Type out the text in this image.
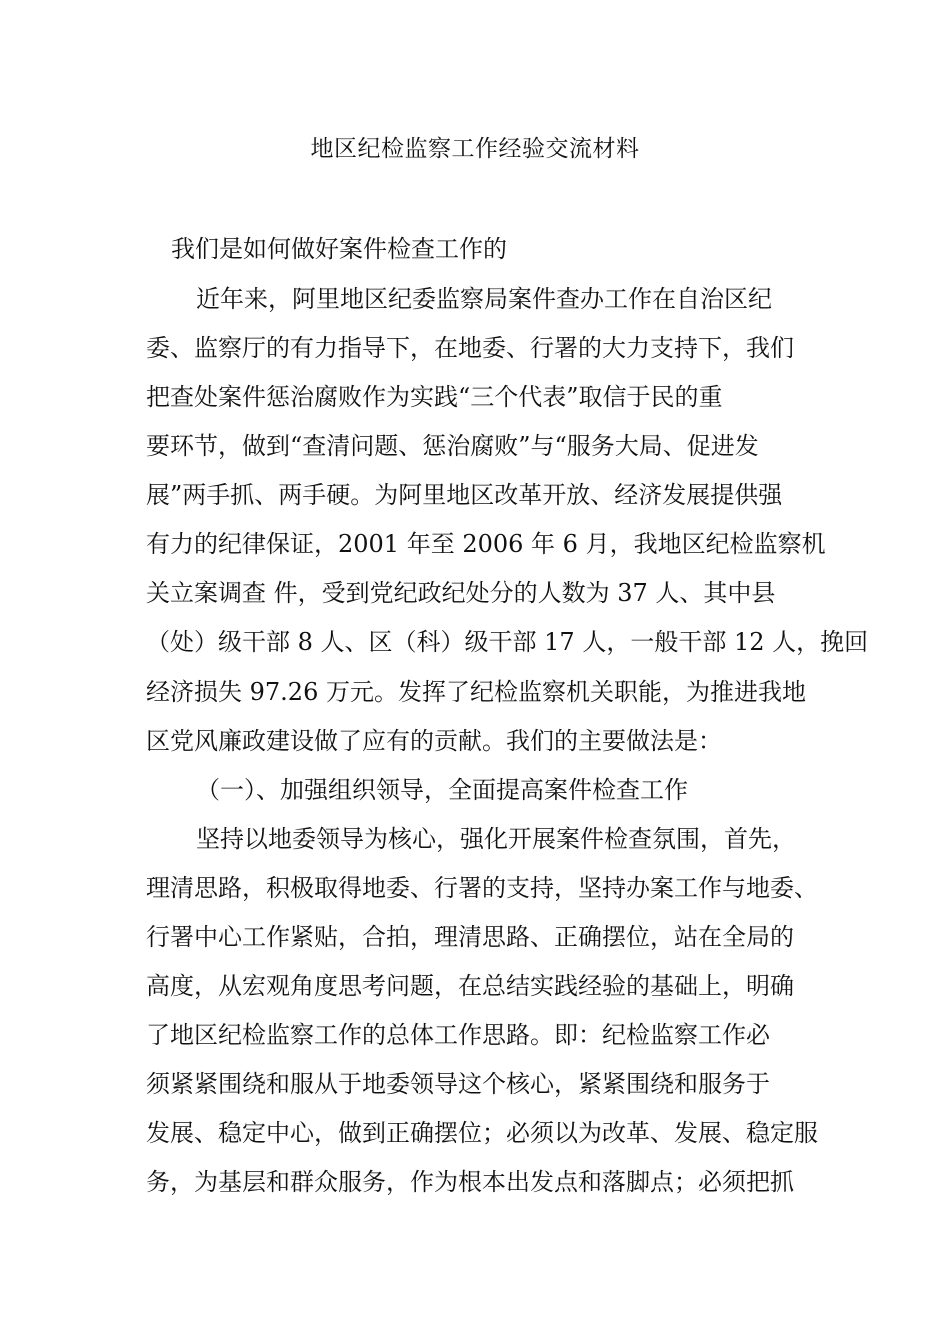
地区纪检监察工作经验交流材料
我们是如何做好案件检查工作的
近年来，阿里地区纪委监察局案件查办工作在自治区纪
委、监察厅的有力指导下，在地委、行署的大力支持下，我们
把查处案件惩治腐败作为实践“三个代表”取信于民的重
要环节，做到“查清问题、惩治腐败”与“服务大局、促进发
展”两手抓、两手硬。为阿里地区改革开放、经济发展提供强
有力的纪律保证，2001 年至 2006 年 6 月，我地区纪检监察机
关立案调查 件，受到党纪政纪处分的人数为 37 人、其中县
（处）级干部 8 人、区（科）级干部 17 人，一般干部 12 人，挽回
经济损失 97.26 万元。发挥了纪检监察机关职能，为推进我地
区党风廉政建设做了应有的贡献。我们的主要做法是：
（一）、加强组织领导，全面提高案件检查工作
坚持以地委领导为核心，强化开展案件检查氛围，首先，
理清思路，积极取得地委、行署的支持，坚持办案工作与地委、
行署中心工作紧贴，合拍，理清思路、正确摆位，站在全局的
高度，从宏观角度思考问题，在总结实践经验的基础上，明确
了地区纪检监察工作的总体工作思路。即：纪检监察工作必
须紧紧围绕和服从于地委领导这个核心，紧紧围绕和服务于
发展、稳定中心，做到正确摆位；必须以为改革、发展、稳定服
务，为基层和群众服务，作为根本出发点和落脚点；必须把抓
